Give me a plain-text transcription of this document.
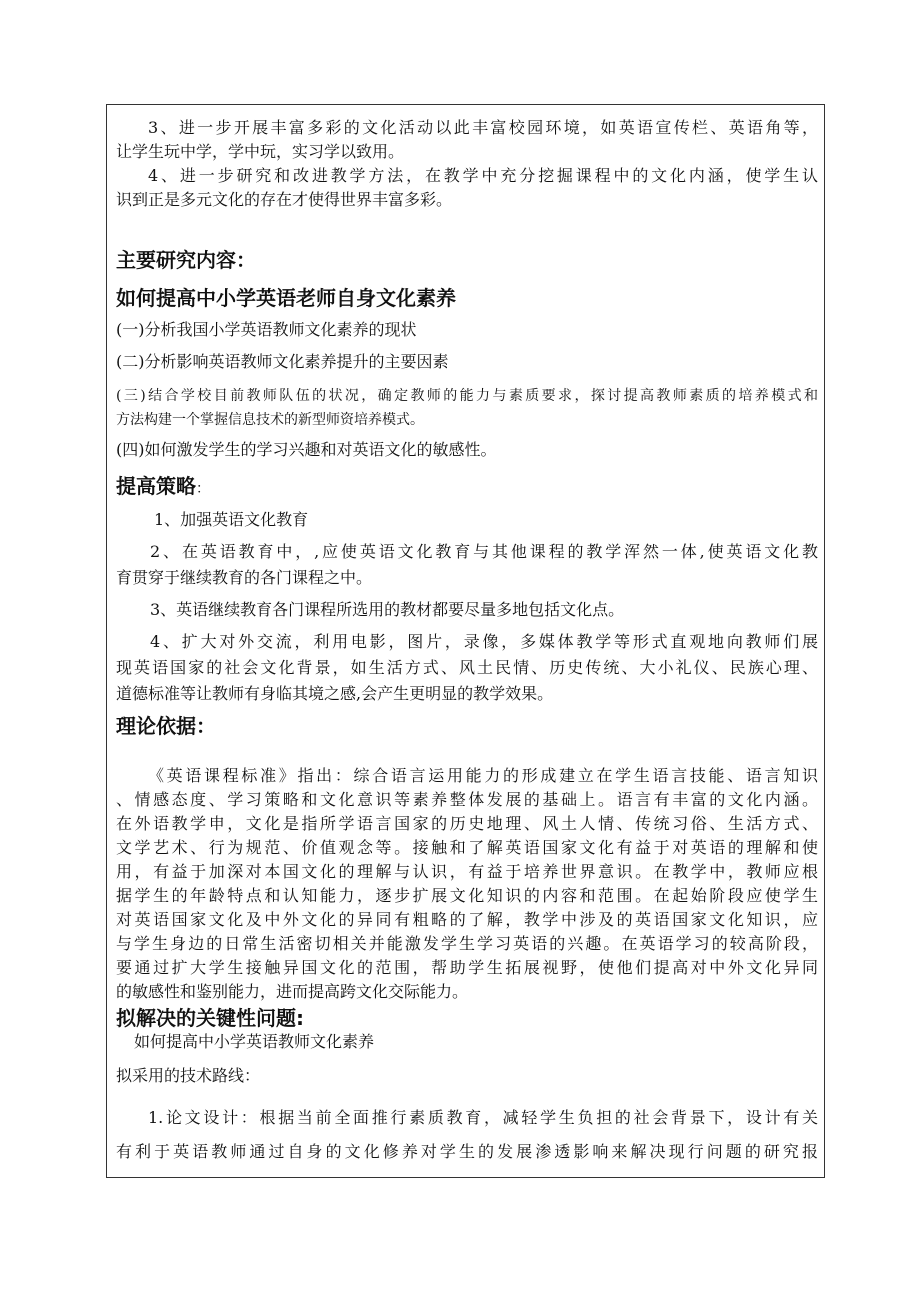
3、进一步开展丰富多彩的文化活动以此丰富校园环境，如英语宣传栏、英语角等，
让学生玩中学，学中玩，实习学以致用。
4、进一步研究和改进教学方法，在教学中充分挖掘课程中的文化内涵，使学生认
识到正是多元文化的存在才使得世界丰富多彩。
主要研究内容：
如何提高中小学英语老师自身文化素养
(一)分析我国小学英语教师文化素养的现状
(二)分析影响英语教师文化素养提升的主要因素
(三)结合学校目前教师队伍的状况，确定教师的能力与素质要求，探讨提高教师素质的培养模式和
方法构建一个掌握信息技术的新型师资培养模式。
(四)如何激发学生的学习兴趣和对英语文化的敏感性。
提高策略：
1、加强英语文化教育
2、在英语教育中，,应使英语文化教育与其他课程的教学浑然一体,使英语文化教
育贯穿于继续教育的各门课程之中。
3、英语继续教育各门课程所选用的教材都要尽量多地包括文化点。
4、扩大对外交流，利用电影，图片，录像，多媒体教学等形式直观地向教师们展
现英语国家的社会文化背景，如生活方式、风土民情、历史传统、大小礼仪、民族心理、
道德标准等让教师有身临其境之感,会产生更明显的教学效果。
理论依据：
《英语课程标准》指出：综合语言运用能力的形成建立在学生语言技能、语言知识
、情感态度、学习策略和文化意识等素养整体发展的基础上。语言有丰富的文化内涵。
在外语教学申，文化是指所学语言国家的历史地理、风土人情、传统习俗、生活方式、
文学艺术、行为规范、价值观念等。接触和了解英语国家文化有益于对英语的理解和使
用，有益于加深对本国文化的理解与认识，有益于培养世界意识。在教学中，教师应根
据学生的年龄特点和认知能力，逐步扩展文化知识的内容和范围。在起始阶段应使学生
对英语国家文化及中外文化的异同有粗略的了解，教学中涉及的英语国家文化知识，应
与学生身边的日常生活密切相关并能激发学生学习英语的兴趣。在英语学习的较高阶段，
要通过扩大学生接触异国文化的范围，帮助学生拓展视野，使他们提高对中外文化异同
的敏感性和鉴别能力，进而提高跨文化交际能力。
拟解决的关键性问题:
如何提高中小学英语教师文化素养
拟采用的技术路线：
1.论文设计：根据当前全面推行素质教育，减轻学生负担的社会背景下，设计有关
有利于英语教师通过自身的文化修养对学生的发展渗透影响来解决现行问题的研究报
